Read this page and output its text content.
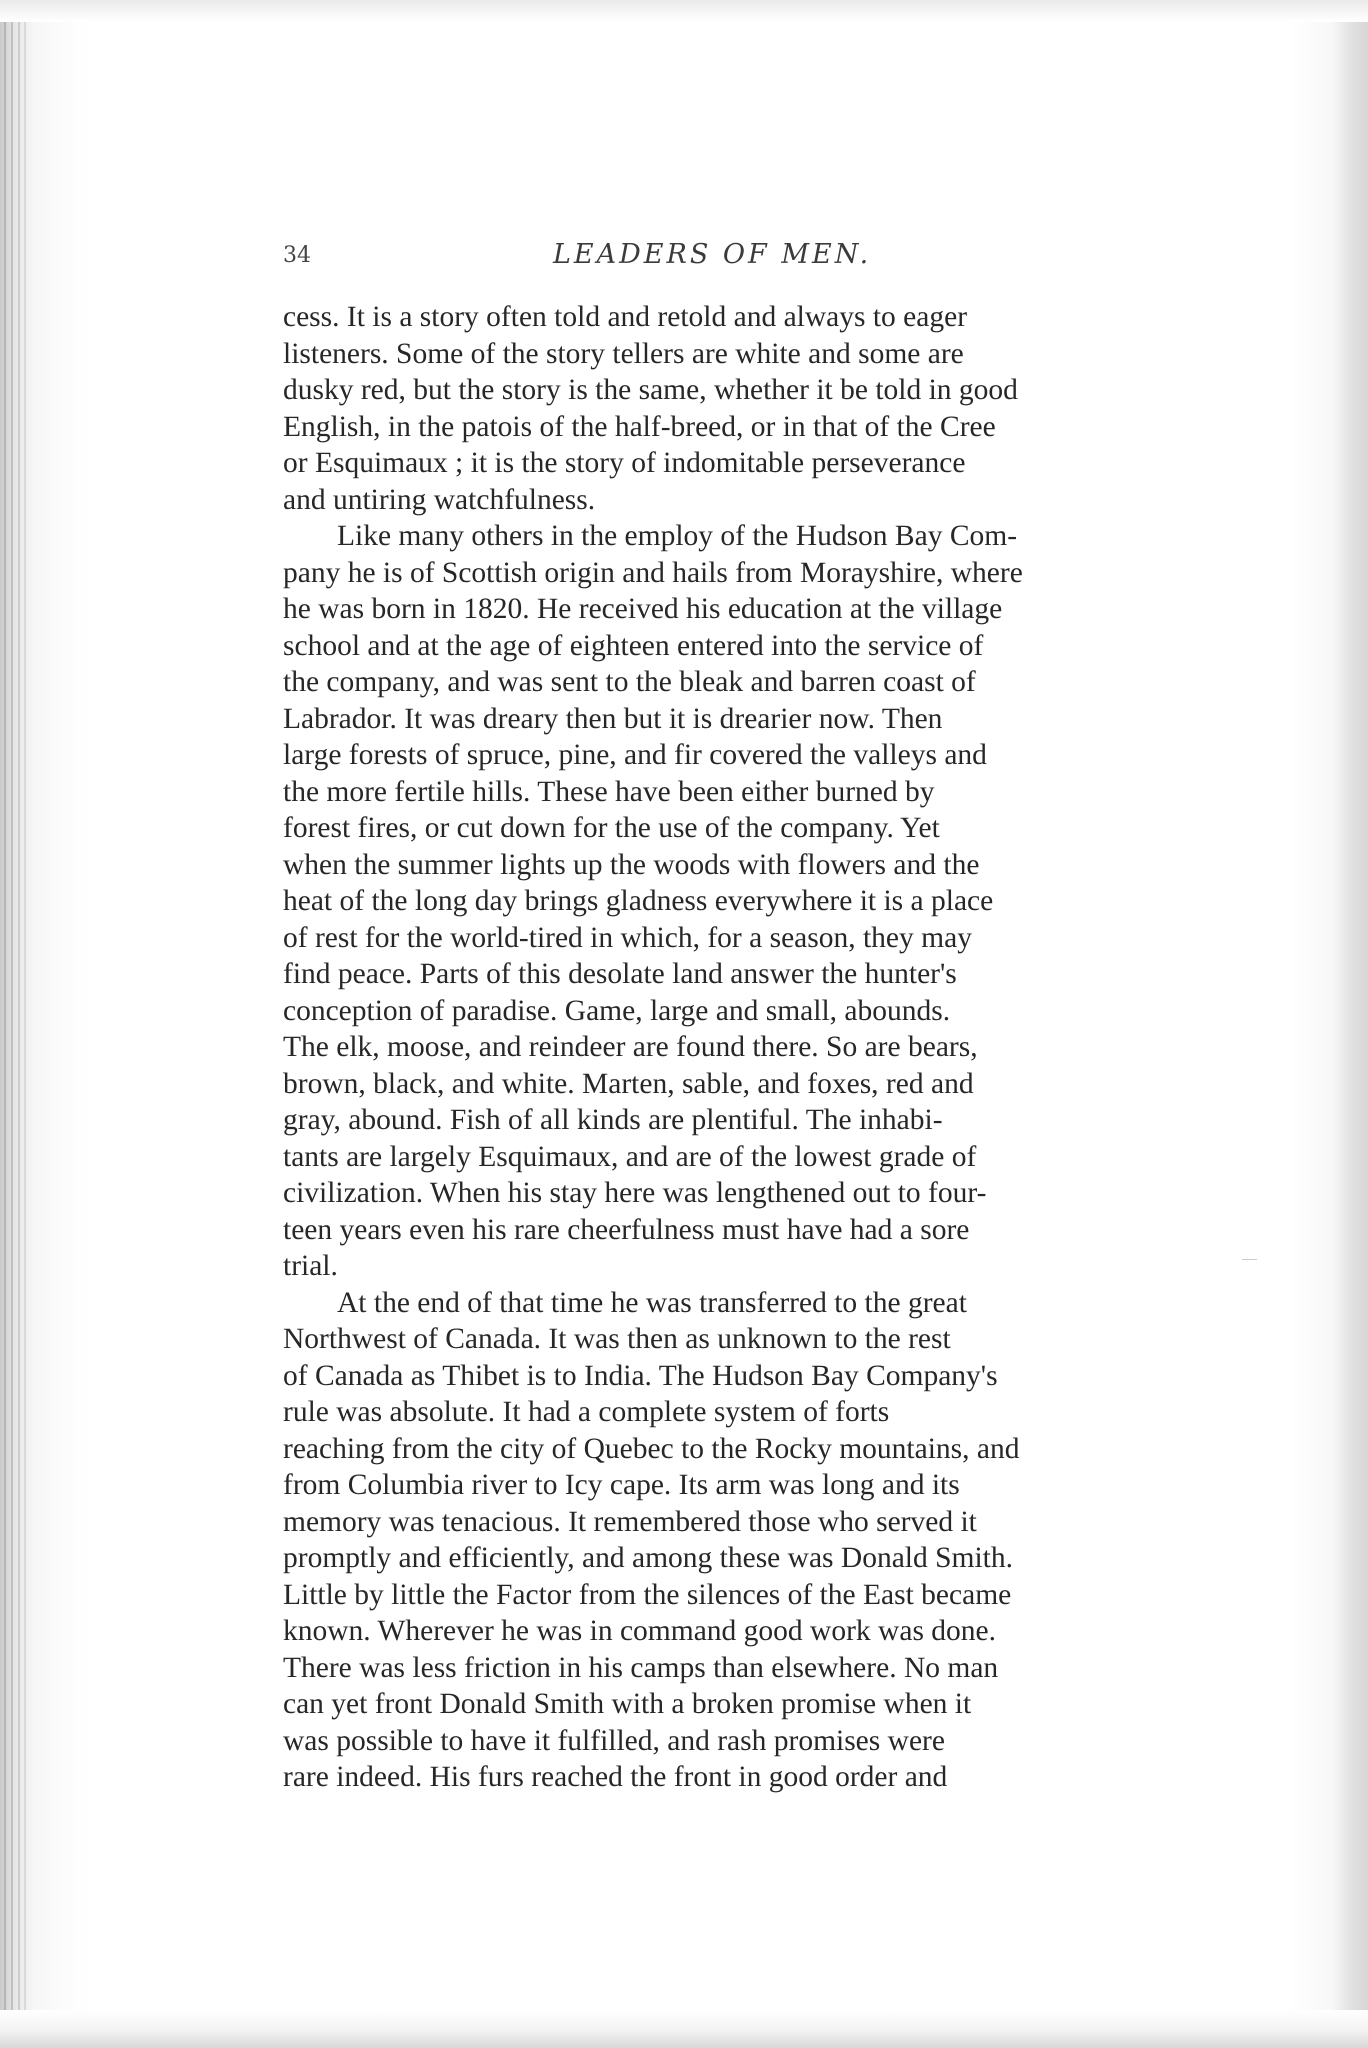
34	LEADERS OF MEN.
cess. It is a story often told and retold and always to eager
listeners. Some of the story tellers are white and some are
dusky red, but the story is the same, whether it be told in good
English, in the patois of the half-breed, or in that of the Cree
or Esquimaux ; it is the story of indomitable perseverance
and untiring watchfulness.
Like many others in the employ of the Hudson Bay Com-
pany he is of Scottish origin and hails from Morayshire, where
he was born in 1820. He received his education at the village
school and at the age of eighteen entered into the service of
the company, and was sent to the bleak and barren coast of
Labrador. It was dreary then but it is drearier now. Then
large forests of spruce, pine, and fir covered the valleys and
the more fertile hills. These have been either burned by
forest fires, or cut down for the use of the company. Yet
when the summer lights up the woods with flowers and the
heat of the long day brings gladness everywhere it is a place
of rest for the world-tired in which, for a season, they may
find peace. Parts of this desolate land answer the hunter's
conception of paradise. Game, large and small, abounds.
The elk, moose, and reindeer are found there. So are bears,
brown, black, and white. Marten, sable, and foxes, red and
gray, abound. Fish of all kinds are plentiful. The inhabi-
tants are largely Esquimaux, and are of the lowest grade of
civilization. When his stay here was lengthened out to four-
teen years even his rare cheerfulness must have had a sore
trial.
At the end of that time he was transferred to the great
Northwest of Canada. It was then as unknown to the rest
of Canada as Thibet is to India. The Hudson Bay Company's
rule was absolute. It had a complete system of forts
reaching from the city of Quebec to the Rocky mountains, and
from Columbia river to Icy cape. Its arm was long and its
memory was tenacious. It remembered those who served it
promptly and efficiently, and among these was Donald Smith.
Little by little the Factor from the silences of the East became
known. Wherever he was in command good work was done.
There was less friction in his camps than elsewhere. No man
can yet front Donald Smith with a broken promise when it
was possible to have it fulfilled, and rash promises were
rare indeed. His furs reached the front in good order and
